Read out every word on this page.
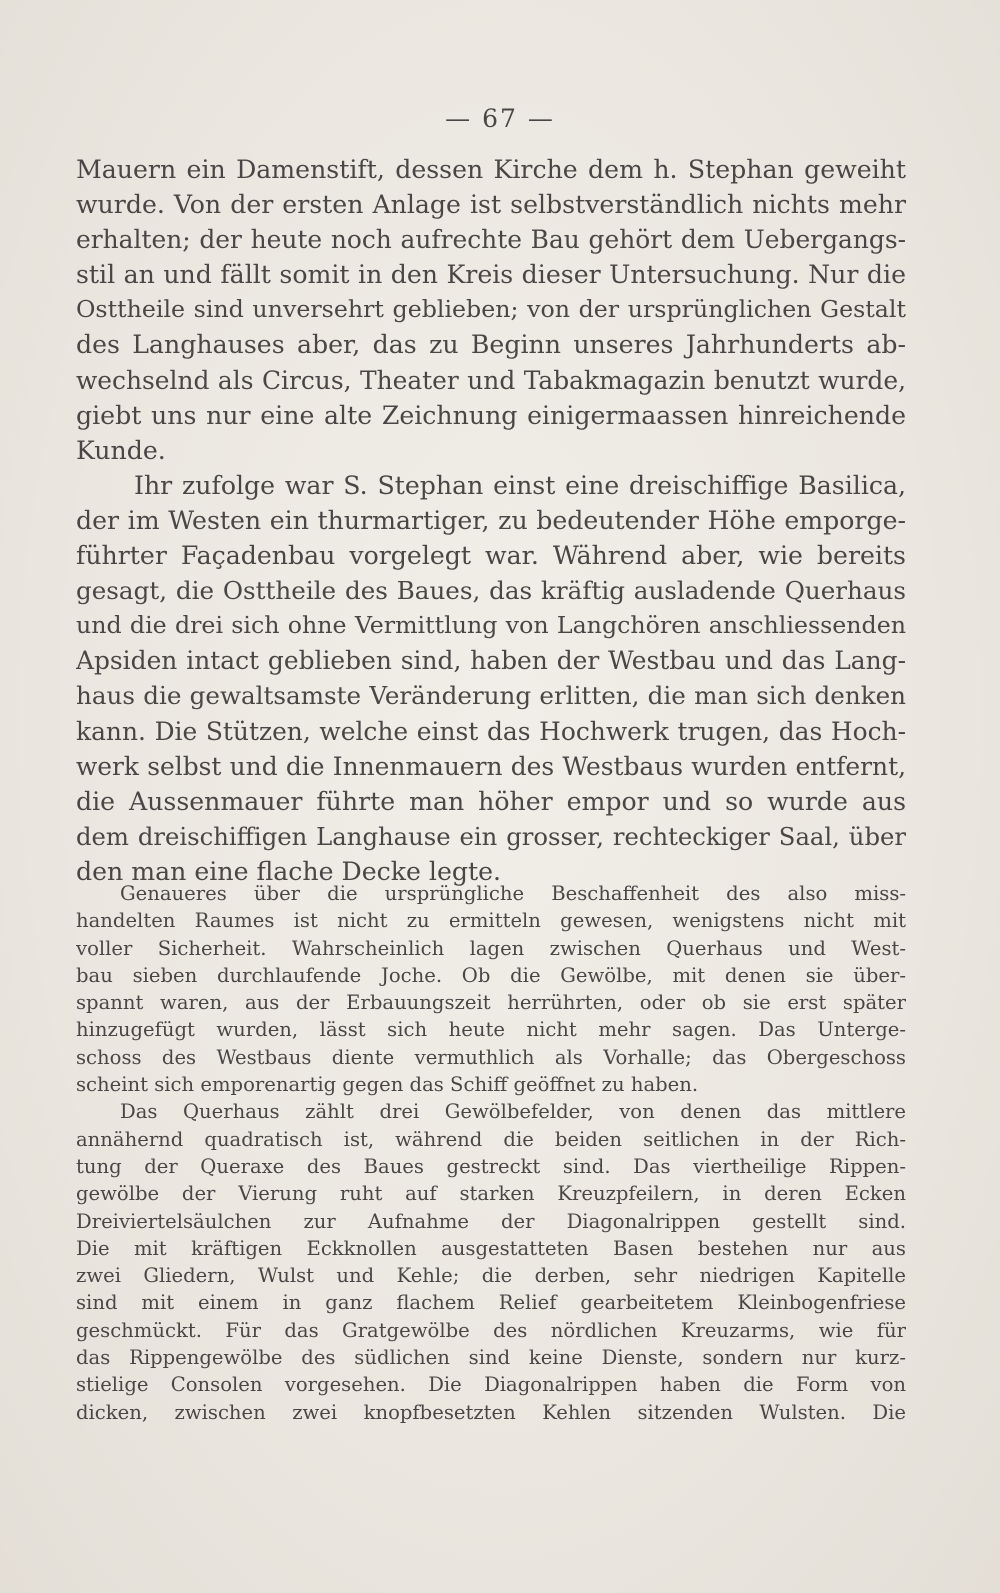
— 67 —
Mauern ein Damenstift, dessen Kirche dem h. Stephan geweiht
wurde. Von der ersten Anlage ist selbstverständlich nichts mehr
erhalten; der heute noch aufrechte Bau gehört dem Uebergangs-
stil an und fällt somit in den Kreis dieser Untersuchung. Nur die
Osttheile sind unversehrt geblieben; von der ursprünglichen Gestalt
des Langhauses aber, das zu Beginn unseres Jahrhunderts ab-
wechselnd als Circus, Theater und Tabakmagazin benutzt wurde,
giebt uns nur eine alte Zeichnung einigermaassen hinreichende
Kunde.
Ihr zufolge war S. Stephan einst eine dreischiffige Basilica,
der im Westen ein thurmartiger, zu bedeutender Höhe emporge-
führter Façadenbau vorgelegt war. Während aber, wie bereits
gesagt, die Osttheile des Baues, das kräftig ausladende Querhaus
und die drei sich ohne Vermittlung von Langchören anschliessenden
Apsiden intact geblieben sind, haben der Westbau und das Lang-
haus die gewaltsamste Veränderung erlitten, die man sich denken
kann. Die Stützen, welche einst das Hochwerk trugen, das Hoch-
werk selbst und die Innenmauern des Westbaus wurden entfernt,
die Aussenmauer führte man höher empor und so wurde aus
dem dreischiffigen Langhause ein grosser, rechteckiger Saal, über
den man eine flache Decke legte.
Genaueres über die ursprüngliche Beschaffenheit des also miss-
handelten Raumes ist nicht zu ermitteln gewesen, wenigstens nicht mit
voller Sicherheit. Wahrscheinlich lagen zwischen Querhaus und West-
bau sieben durchlaufende Joche. Ob die Gewölbe, mit denen sie über-
spannt waren, aus der Erbauungszeit herrührten, oder ob sie erst später
hinzugefügt wurden, lässt sich heute nicht mehr sagen. Das Unterge-
schoss des Westbaus diente vermuthlich als Vorhalle; das Obergeschoss
scheint sich emporenartig gegen das Schiff geöffnet zu haben.
Das Querhaus zählt drei Gewölbefelder, von denen das mittlere
annähernd quadratisch ist, während die beiden seitlichen in der Rich-
tung der Queraxe des Baues gestreckt sind. Das viertheilige Rippen-
gewölbe der Vierung ruht auf starken Kreuzpfeilern, in deren Ecken
Dreiviertelsäulchen zur Aufnahme der Diagonalrippen gestellt sind.
Die mit kräftigen Eckknollen ausgestatteten Basen bestehen nur aus
zwei Gliedern, Wulst und Kehle; die derben, sehr niedrigen Kapitelle
sind mit einem in ganz flachem Relief gearbeitetem Kleinbogenfriese
geschmückt. Für das Gratgewölbe des nördlichen Kreuzarms, wie für
das Rippengewölbe des südlichen sind keine Dienste, sondern nur kurz-
stielige Consolen vorgesehen. Die Diagonalrippen haben die Form von
dicken, zwischen zwei knopfbesetzten Kehlen sitzenden Wulsten. Die
